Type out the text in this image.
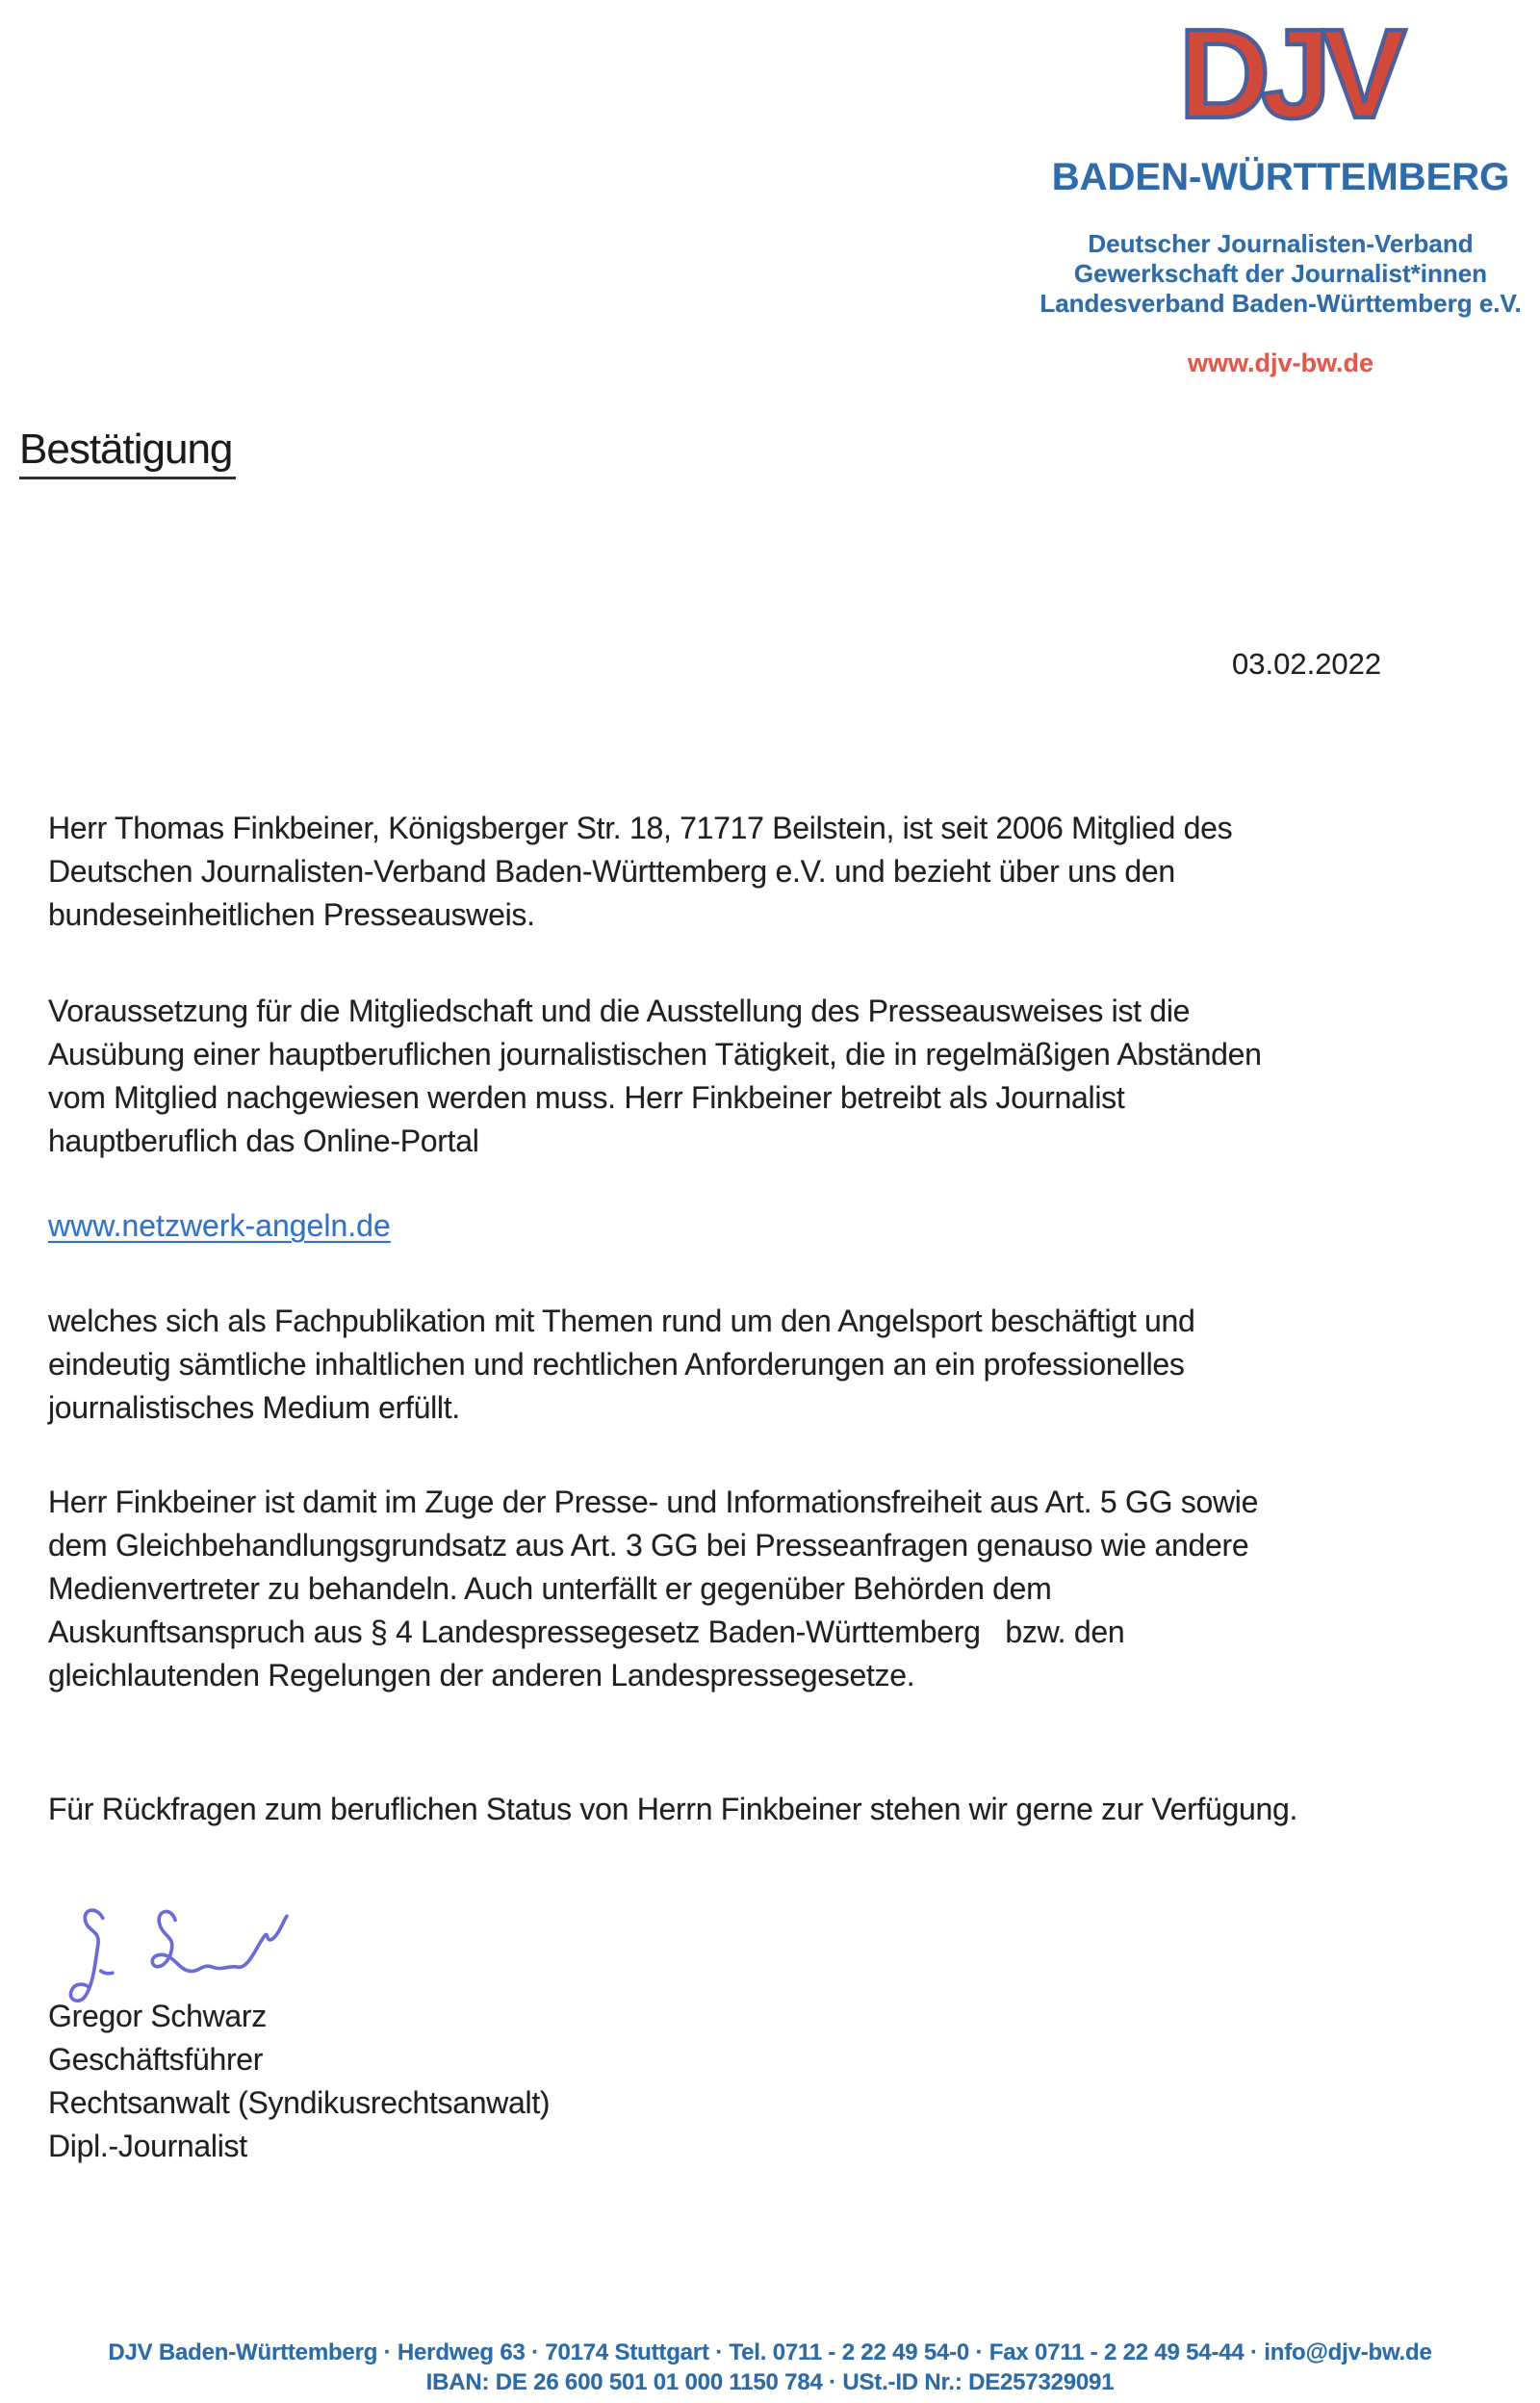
DJV
BADEN-WÜRTTEMBERG
Deutscher Journalisten-Verband
Gewerkschaft der Journalist*innen
Landesverband Baden-Württemberg e.V.
www.djv-bw.de
Bestätigung
03.02.2022
Herr Thomas Finkbeiner, Königsberger Str. 18, 71717 Beilstein, ist seit 2006 Mitglied des
Deutschen Journalisten-Verband Baden-Württemberg e.V. und bezieht über uns den
bundeseinheitlichen Presseausweis.
Voraussetzung für die Mitgliedschaft und die Ausstellung des Presseausweises ist die
Ausübung einer hauptberuflichen journalistischen Tätigkeit, die in regelmäßigen Abständen
vom Mitglied nachgewiesen werden muss. Herr Finkbeiner betreibt als Journalist
hauptberuflich das Online-Portal
www.netzwerk-angeln.de
welches sich als Fachpublikation mit Themen rund um den Angelsport beschäftigt und
eindeutig sämtliche inhaltlichen und rechtlichen Anforderungen an ein professionelles
journalistisches Medium erfüllt.
Herr Finkbeiner ist damit im Zuge der Presse- und Informationsfreiheit aus Art. 5 GG sowie
dem Gleichbehandlungsgrundsatz aus Art. 3 GG bei Presseanfragen genauso wie andere
Medienvertreter zu behandeln. Auch unterfällt er gegenüber Behörden dem
Auskunftsanspruch aus § 4 Landespressegesetz Baden-Württemberg   bzw. den
gleichlautenden Regelungen der anderen Landespressegesetze.
Für Rückfragen zum beruflichen Status von Herrn Finkbeiner stehen wir gerne zur Verfügung.
Gregor Schwarz
Geschäftsführer
Rechtsanwalt (Syndikusrechtsanwalt)
Dipl.-Journalist
DJV Baden-Württemberg · Herdweg 63 · 70174 Stuttgart · Tel. 0711 - 2 22 49 54-0 · Fax 0711 - 2 22 49 54-44 · info@djv-bw.de
IBAN: DE 26 600 501 01 000 1150 784 · USt.-ID Nr.: DE257329091
